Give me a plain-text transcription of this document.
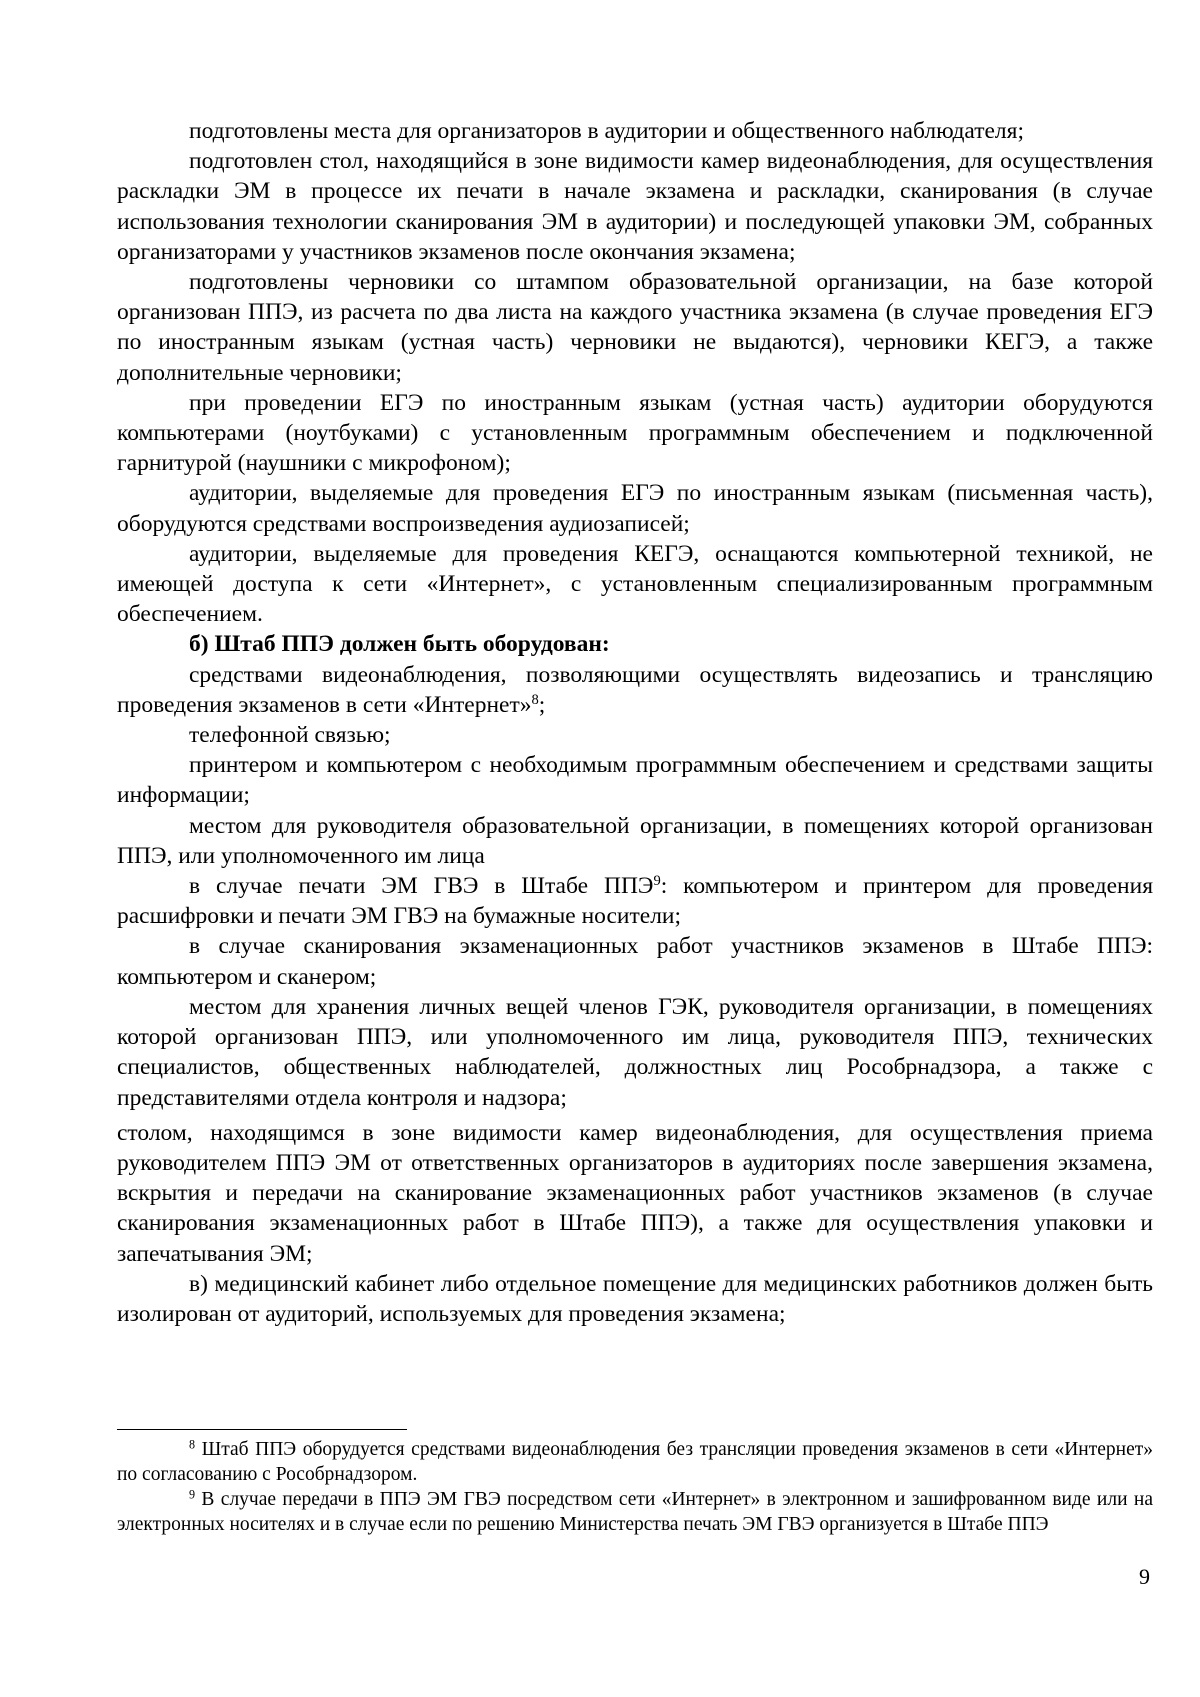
подготовлены места для организаторов в аудитории и общественного наблюдателя;

подготовлен стол, находящийся в зоне видимости камер видеонаблюдения, для осуществления раскладки ЭМ в процессе их печати в начале экзамена и раскладки, сканирования (в случае использования технологии сканирования ЭМ в аудитории) и последующей упаковки ЭМ, собранных организаторами у участников экзаменов после окончания экзамена;

подготовлены черновики со штампом образовательной организации, на базе которой организован ППЭ, из расчета по два листа на каждого участника экзамена (в случае проведения ЕГЭ по иностранным языкам (устная часть) черновики не выдаются), черновики КЕГЭ, а также дополнительные черновики;

при проведении ЕГЭ по иностранным языкам (устная часть) аудитории оборудуются компьютерами (ноутбуками) с установленным программным обеспечением и подключенной гарнитурой (наушники с микрофоном);

аудитории, выделяемые для проведения ЕГЭ по иностранным языкам (письменная часть), оборудуются средствами воспроизведения аудиозаписей;

аудитории, выделяемые для проведения КЕГЭ, оснащаются компьютерной техникой, не имеющей доступа к сети «Интернет», с установленным специализированным программным обеспечением.

б) Штаб ППЭ должен быть оборудован:

средствами видеонаблюдения, позволяющими осуществлять видеозапись и трансляцию проведения экзаменов в сети «Интернет»$^8$;

телефонной связью;

принтером и компьютером с необходимым программным обеспечением и средствами защиты информации;

местом для руководителя образовательной организации, в помещениях которой организован ППЭ, или уполномоченного им лица

в случае печати ЭМ ГВЭ в Штабе ППЭ$^9$: компьютером и принтером для проведения расшифровки и печати ЭМ ГВЭ на бумажные носители;

в случае сканирования экзаменационных работ участников экзаменов в Штабе ППЭ: компьютером и сканером;

местом для хранения личных вещей членов ГЭК, руководителя организации, в помещениях которой организован ППЭ, или уполномоченного им лица, руководителя ППЭ, технических специалистов, общественных наблюдателей, должностных лиц Рособрнадзора, а также с представителями отдела контроля и надзора;

столом, находящимся в зоне видимости камер видеонаблюдения, для осуществления приема руководителем ППЭ ЭМ от ответственных организаторов в аудиториях после завершения экзамена, вскрытия и передачи на сканирование экзаменационных работ участников экзаменов (в случае сканирования экзаменационных работ в Штабе ППЭ), а также для осуществления упаковки и запечатывания ЭМ;

в) медицинский кабинет либо отдельное помещение для медицинских работников должен быть изолирован от аудиторий, используемых для проведения экзамена;

$^8$ Штаб ППЭ оборудуется средствами видеонаблюдения без трансляции проведения экзаменов в сети «Интернет» по согласованию с Рособрнадзором.

$^9$ В случае передачи в ППЭ ЭМ ГВЭ посредством сети «Интернет» в электронном и зашифрованном виде или на электронных носителях и в случае если по решению Министерства печать ЭМ ГВЭ организуется в Штабе ППЭ

9
